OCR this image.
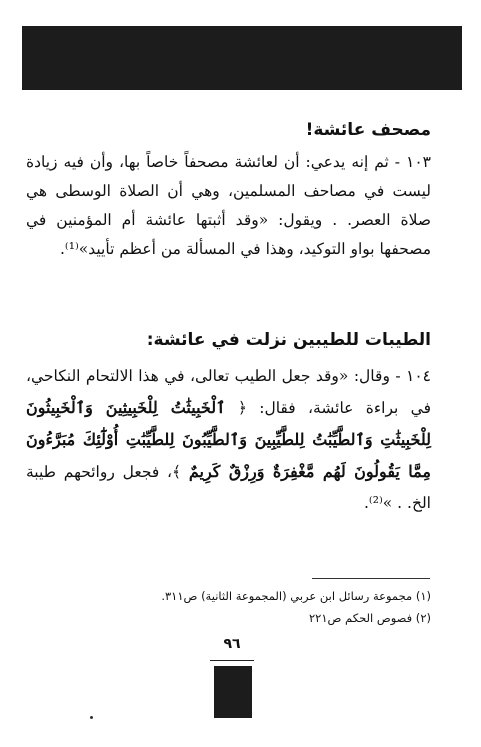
مصحف عائشة!
١٠٣ - ثم إنه يدعي: أن لعائشة مصحفاً خاصاً بها، وأن فيه زيادة ليست في مصاحف المسلمين، وهي أن الصلاة الوسطى هي صلاة العصر. . ويقول: «وقد أثبتها عائشة أم المؤمنين في مصحفها بواو التوكيد، وهذا في المسألة من أعظم تأييد»⁽¹⁾.
الطيبات للطيبين نزلت في عائشة:
١٠٤ - وقال: «وقد جعل الطيب تعالى، في هذا الالتحام النكاحي، في براءة عائشة، فقال: ﴿ ٱلْخَبِيثَٰتُ لِلْخَبِيثِينَ وَٱلْخَبِيثُونَ لِلْخَبِيثَٰتِ وَٱلطَّيِّبَٰتُ لِلطَّيِّبِينَ وَٱلطَّيِّبُونَ لِلطَّيِّبَٰتِ أُوْلَٰٓئِكَ مُبَرَّءُونَ مِمَّا يَقُولُونَ لَهُم مَّغْفِرَةٌ وَرِزْقٌ كَرِيمٌ ﴾، فجعل روائحهم طيبة الخ. . »⁽²⁾.
(١) مجموعة رسائل ابن عربي (المجموعة الثانية) ص٣١١.
(٢) فصوص الحكم ص٢٢١
٩٦
